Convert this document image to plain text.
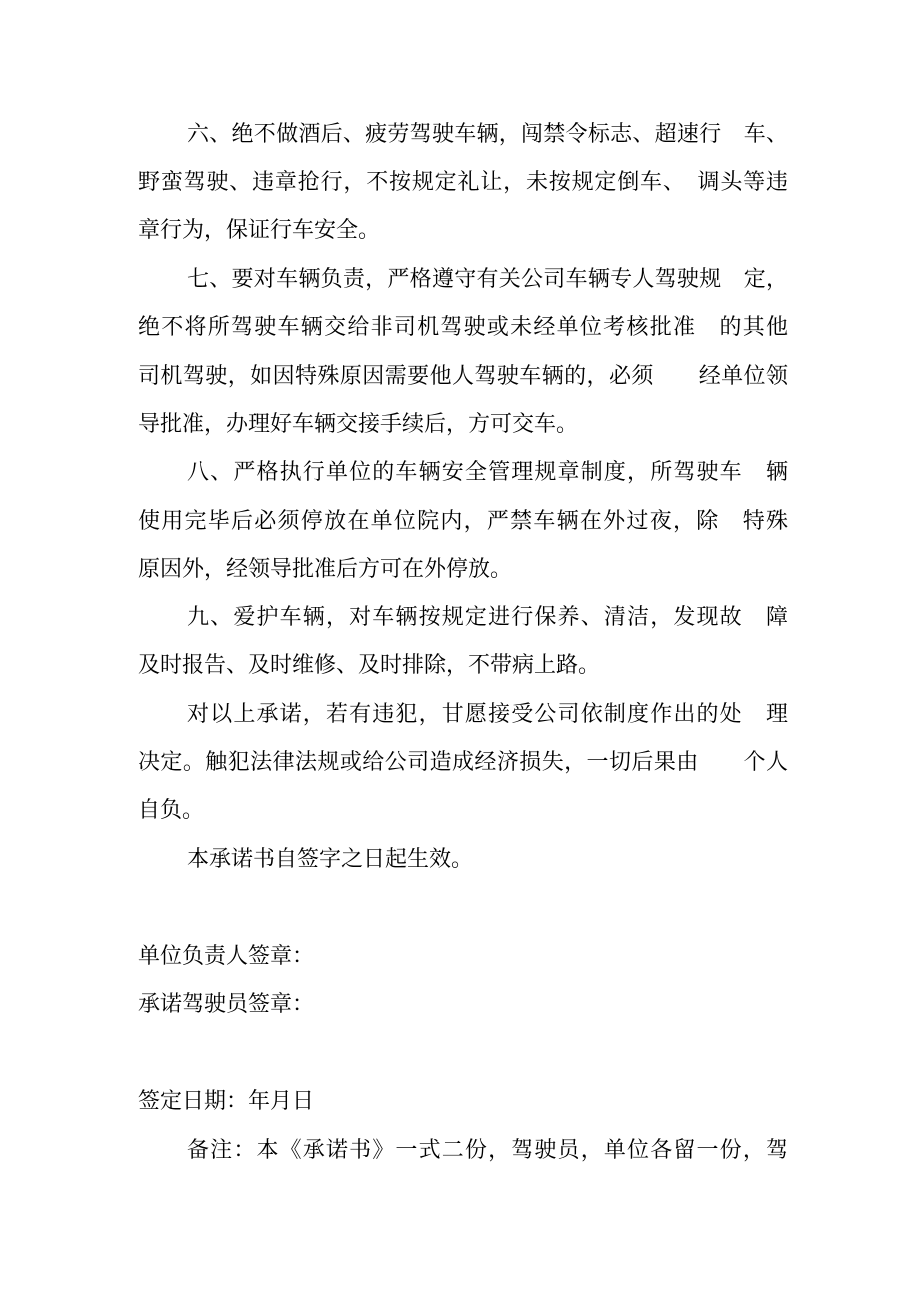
六、绝不做酒后、疲劳驾驶车辆，闯禁令标志、超速行　车、
野蛮驾驶、违章抢行，不按规定礼让，未按规定倒车、　调头等违
章行为，保证行车安全。
七、要对车辆负责，严格遵守有关公司车辆专人驾驶规　定，
绝不将所驾驶车辆交给非司机驾驶或未经单位考核批准　的其他
司机驾驶，如因特殊原因需要他人驾驶车辆的，必须　　经单位领
导批准，办理好车辆交接手续后，方可交车。
八、严格执行单位的车辆安全管理规章制度，所驾驶车　辆
使用完毕后必须停放在单位院内，严禁车辆在外过夜，除　特殊
原因外，经领导批准后方可在外停放。
九、爱护车辆，对车辆按规定进行保养、清洁，发现故　障
及时报告、及时维修、及时排除，不带病上路。
对以上承诺，若有违犯，甘愿接受公司依制度作出的处　理
决定。触犯法律法规或给公司造成经济损失，一切后果由　　个人
自负。
本承诺书自签字之日起生效。
单位负责人签章：
承诺驾驶员签章：
签定日期：年月日
备注：本《承诺书》一式二份，驾驶员，单位各留一份，驾
